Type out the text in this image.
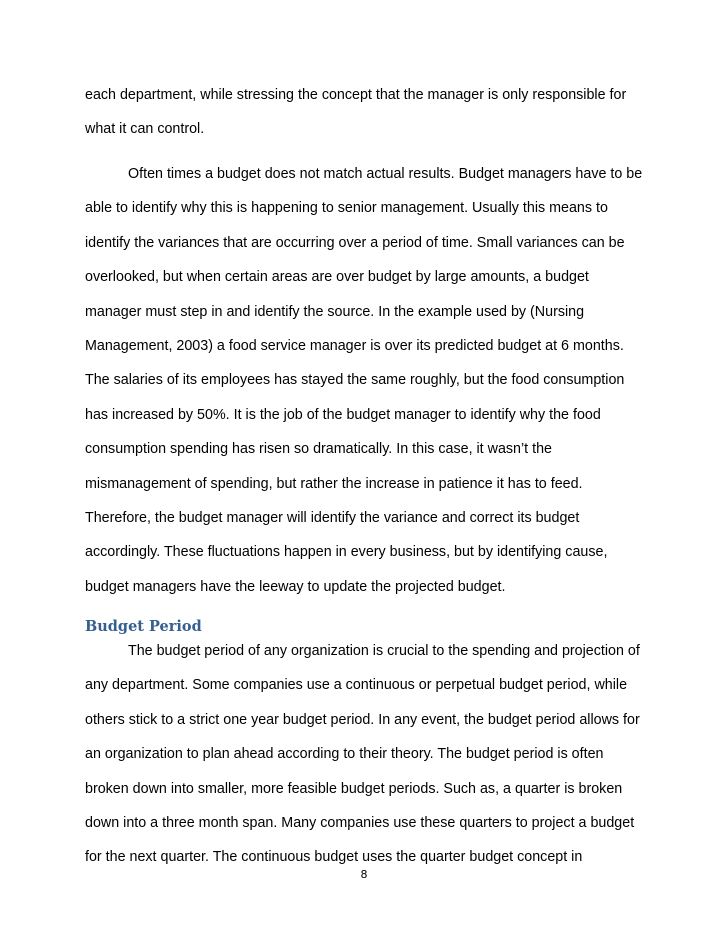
each department, while stressing the concept that the manager is only responsible for
what it can control.
Often times a budget does not match actual results. Budget managers have to be
able to identify why this is happening to senior management. Usually this means to
identify the variances that are occurring over a period of time. Small variances can be
overlooked, but when certain areas are over budget by large amounts, a budget
manager must step in and identify the source. In the example used by (Nursing
Management, 2003) a food service manager is over its predicted budget at 6 months.
The salaries of its employees has stayed the same roughly, but the food consumption
has increased by 50%. It is the job of the budget manager to identify why the food
consumption spending has risen so dramatically. In this case, it wasn’t the
mismanagement of spending, but rather the increase in patience it has to feed.
Therefore, the budget manager will identify the variance and correct its budget
accordingly. These fluctuations happen in every business, but by identifying cause,
budget managers have the leeway to update the projected budget.
Budget Period
The budget period of any organization is crucial to the spending and projection of
any department. Some companies use a continuous or perpetual budget period, while
others stick to a strict one year budget period. In any event, the budget period allows for
an organization to plan ahead according to their theory. The budget period is often
broken down into smaller, more feasible budget periods. Such as, a quarter is broken
down into a three month span. Many companies use these quarters to project a budget
for the next quarter. The continuous budget uses the quarter budget concept in
8
